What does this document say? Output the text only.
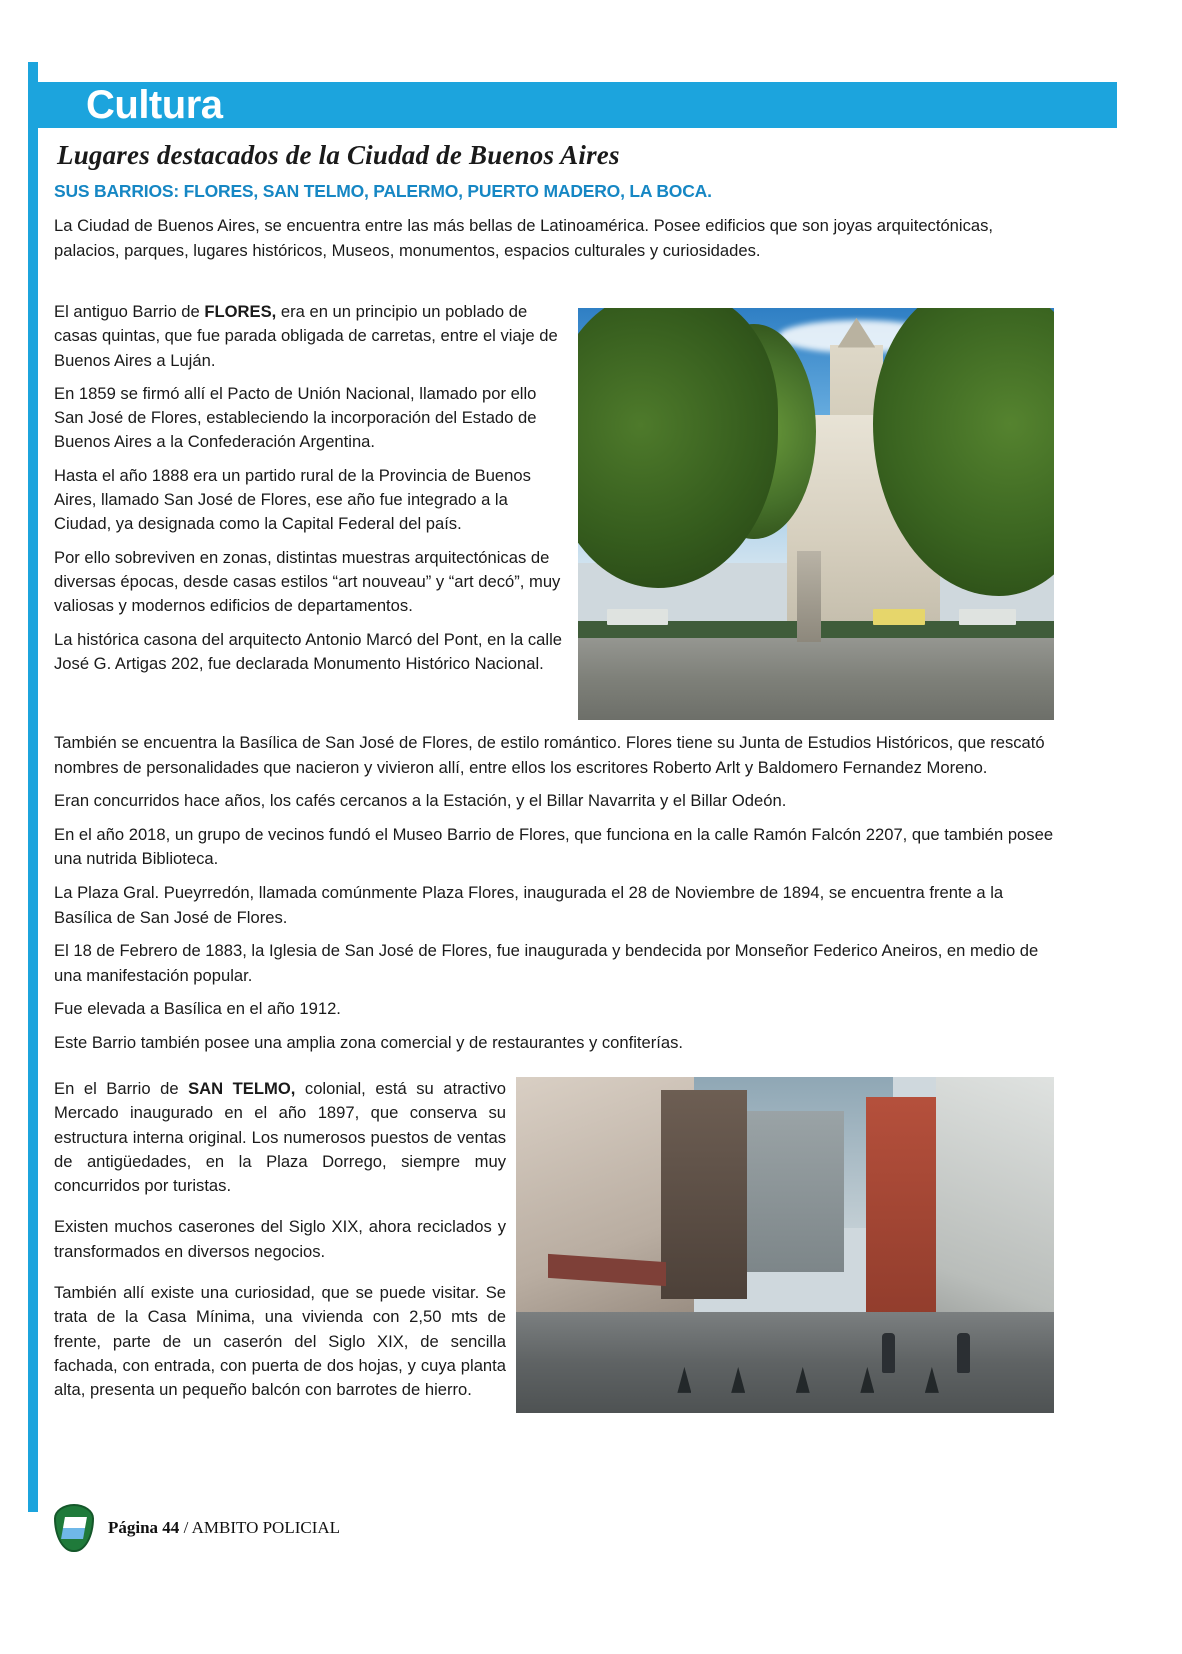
Cultura
Lugares destacados de la Ciudad de Buenos Aires
SUS BARRIOS: FLORES, SAN TELMO, PALERMO, PUERTO MADERO, LA BOCA.
La Ciudad de Buenos Aires, se encuentra entre las más bellas de Latinoamérica. Posee edificios que son joyas arquitectónicas, palacios, parques, lugares históricos, Museos, monumentos, espacios culturales y curiosidades.

El antiguo Barrio de FLORES, era en un principio un poblado de casas quintas, que fue parada obligada de carretas, entre el viaje de Buenos Aires a Luján.

En 1859 se firmó allí el Pacto de Unión Nacional, llamado por ello San José de Flores, estableciendo la incorporación del Estado de Buenos Aires a la Confederación Argentina.

Hasta el año 1888 era un partido rural de la Provincia de Buenos Aires, llamado San José de Flores, ese año fue integrado a la Ciudad, ya designada como la Capital Federal del país.

Por ello sobreviven en zonas, distintas muestras arquitectónicas de diversas épocas, desde casas estilos “art nouveau” y “art decó”, muy valiosas y modernos edificios de departamentos.

La histórica casona del arquitecto Antonio Marcó del Pont, en la calle José G. Artigas 202, fue declarada Monumento Histórico Nacional.

También se encuentra la Basílica de San José de Flores, de estilo romántico. Flores tiene su Junta de Estudios Históricos, que rescató nombres de personalidades que nacieron y vivieron allí, entre ellos los escritores Roberto Arlt y Baldomero Fernandez Moreno.

Eran concurridos hace años, los cafés cercanos a la Estación, y el Billar Navarrita y el Billar Odeón.

En el año 2018, un grupo de vecinos fundó el Museo Barrio de Flores, que funciona en la calle Ramón Falcón 2207, que también posee una nutrida Biblioteca.

La Plaza Gral. Pueyrredón, llamada comúnmente Plaza Flores, inaugurada el 28 de Noviembre de 1894, se encuentra frente a la Basílica de San José de Flores.

El 18 de Febrero de 1883, la Iglesia de San José de Flores, fue inaugurada y bendecida por Monseñor Federico Aneiros, en medio de una manifestación popular.

Fue elevada a Basílica en el año 1912.

Este Barrio también posee una amplia zona comercial y de restaurantes y confiterías.

En el Barrio de SAN TELMO, colonial, está su atractivo Mercado inaugurado en el año 1897, que conserva su estructura interna original. Los numerosos puestos de ventas de antigüedades, en la Plaza Dorrego, siempre muy concurridos por turistas.

Existen muchos caserones del Siglo XIX, ahora reciclados y transformados en diversos negocios.

También allí existe una curiosidad, que se puede visitar. Se trata de la Casa Mínima, una vivienda con 2,50 mts de frente, parte de un caserón del Siglo XIX, de sencilla fachada, con entrada, con puerta de dos hojas, y cuya planta alta, presenta un pequeño balcón con barrotes de hierro.

Página 44 / AMBITO POLICIAL
